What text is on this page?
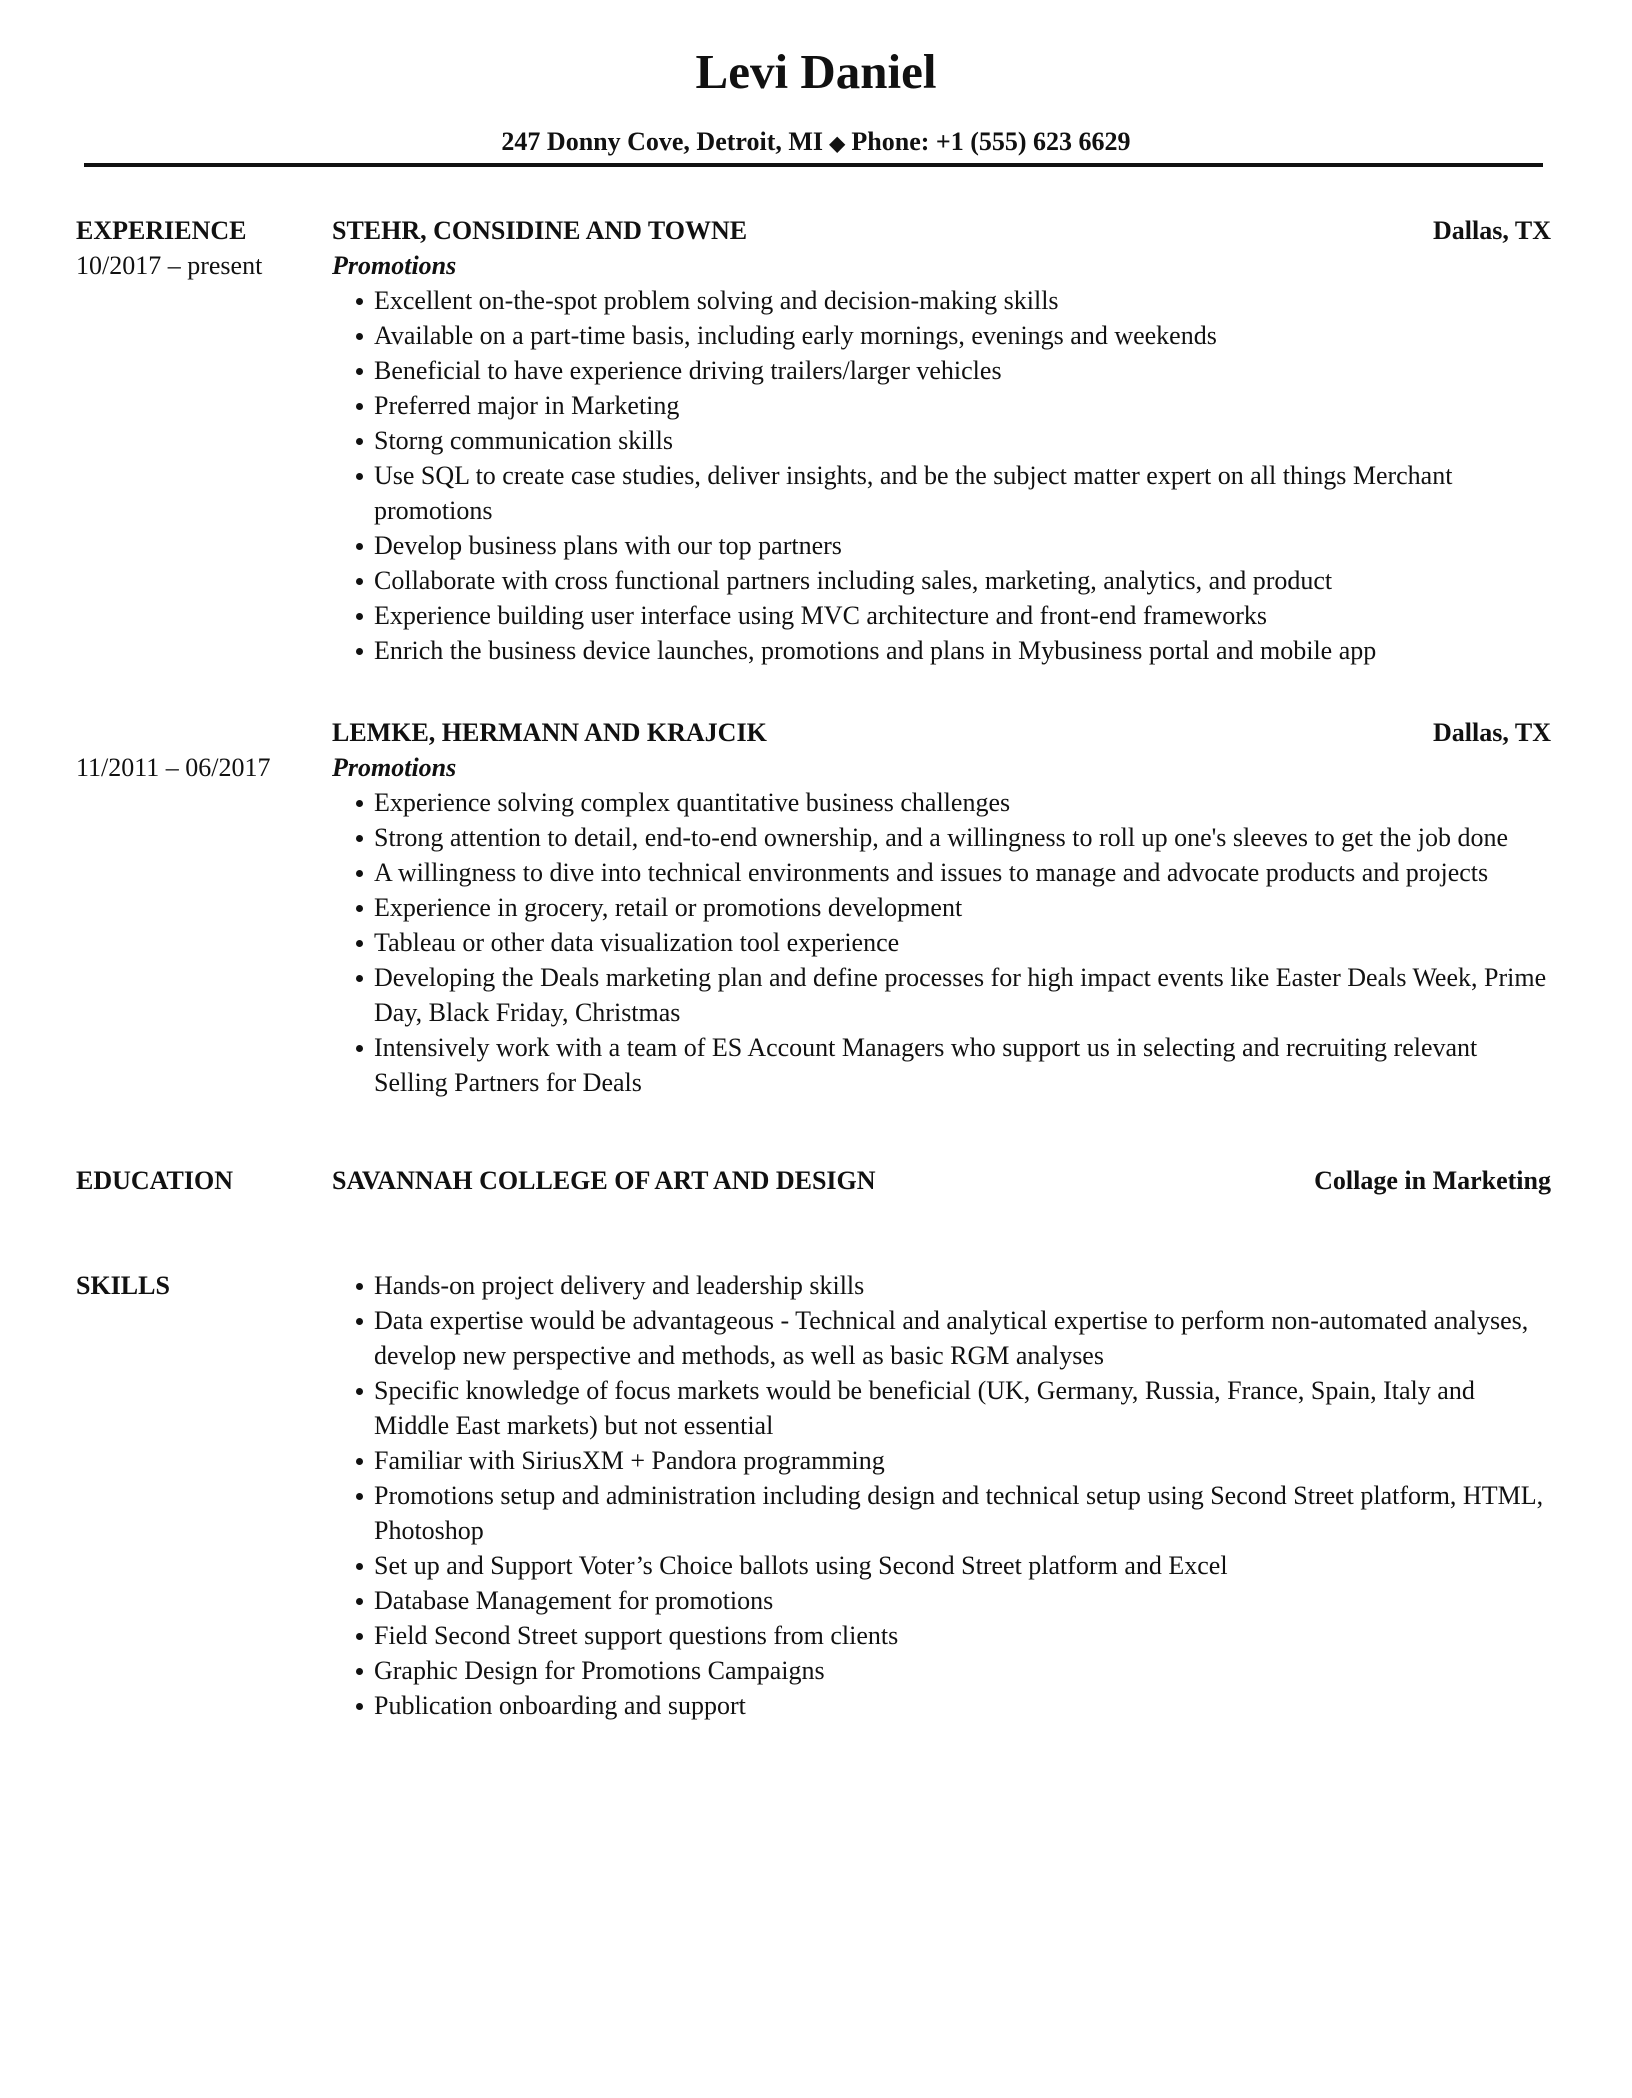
Levi Daniel
247 Donny Cove, Detroit, MI ◆ Phone: +1 (555) 623 6629
EXPERIENCE
10/2017 – present
STEHR, CONSIDINE AND TOWNE	Dallas, TX
Promotions
Excellent on-the-spot problem solving and decision-making skills
Available on a part-time basis, including early mornings, evenings and weekends
Beneficial to have experience driving trailers/larger vehicles
Preferred major in Marketing
Storng communication skills
Use SQL to create case studies, deliver insights, and be the subject matter expert on all things Merchant promotions
Develop business plans with our top partners
Collaborate with cross functional partners including sales, marketing, analytics, and product
Experience building user interface using MVC architecture and front-end frameworks
Enrich the business device launches, promotions and plans in Mybusiness portal and mobile app

11/2011 – 06/2017
LEMKE, HERMANN AND KRAJCIK	Dallas, TX
Promotions
Experience solving complex quantitative business challenges
Strong attention to detail, end-to-end ownership, and a willingness to roll up one's sleeves to get the job done
A willingness to dive into technical environments and issues to manage and advocate products and projects
Experience in grocery, retail or promotions development
Tableau or other data visualization tool experience
Developing the Deals marketing plan and define processes for high impact events like Easter Deals Week, Prime Day, Black Friday, Christmas
Intensively work with a team of ES Account Managers who support us in selecting and recruiting relevant Selling Partners for Deals
EDUCATION	SAVANNAH COLLEGE OF ART AND DESIGN	Collage in Marketing
SKILLS	Hands-on project delivery and leadership skills
Data expertise would be advantageous - Technical and analytical expertise to perform non-automated analyses, develop new perspective and methods, as well as basic RGM analyses
Specific knowledge of focus markets would be beneficial (UK, Germany, Russia, France, Spain, Italy and Middle East markets) but not essential
Familiar with SiriusXM + Pandora programming
Promotions setup and administration including design and technical setup using Second Street platform, HTML, Photoshop
Set up and Support Voter’s Choice ballots using Second Street platform and Excel
Database Management for promotions
Field Second Street support questions from clients
Graphic Design for Promotions Campaigns
Publication onboarding and support
